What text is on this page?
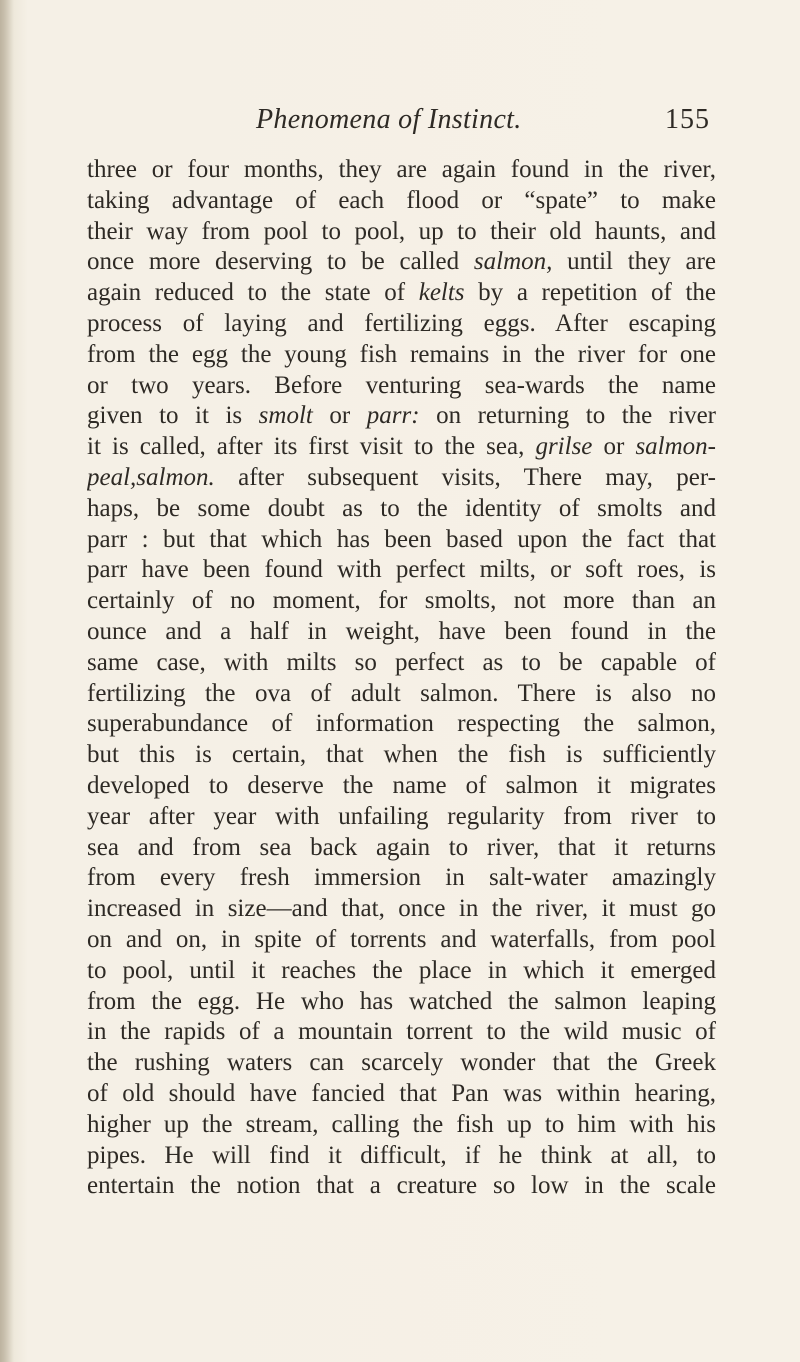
Phenomena of Instinct.	155
three or four months, they are again found in the river,
taking advantage of each flood or “spate” to make
their way from pool to pool, up to their old haunts, and
once more deserving to be called salmon, until they are
again reduced to the state of kelts by a repetition of the
process of laying and fertilizing eggs. After escaping
from the egg the young fish remains in the river for one
or two years. Before venturing sea-wards the name
given to it is smolt or parr: on returning to the river
it is called, after its first visit to the sea, grilse or salmon-
peal,salmon. after subsequent visits, There may, per-
haps, be some doubt as to the identity of smolts and
parr : but that which has been based upon the fact that
parr have been found with perfect milts, or soft roes, is
certainly of no moment, for smolts, not more than an
ounce and a half in weight, have been found in the
same case, with milts so perfect as to be capable of
fertilizing the ova of adult salmon. There is also no
superabundance of information respecting the salmon,
but this is certain, that when the fish is sufficiently
developed to deserve the name of salmon it migrates
year after year with unfailing regularity from river to
sea and from sea back again to river, that it returns
from every fresh immersion in salt-water amazingly
increased in size—and that, once in the river, it must go
on and on, in spite of torrents and waterfalls, from pool
to pool, until it reaches the place in which it emerged
from the egg. He who has watched the salmon leaping
in the rapids of a mountain torrent to the wild music of
the rushing waters can scarcely wonder that the Greek
of old should have fancied that Pan was within hearing,
higher up the stream, calling the fish up to him with his
pipes. He will find it difficult, if he think at all, to
entertain the notion that a creature so low in the scale
